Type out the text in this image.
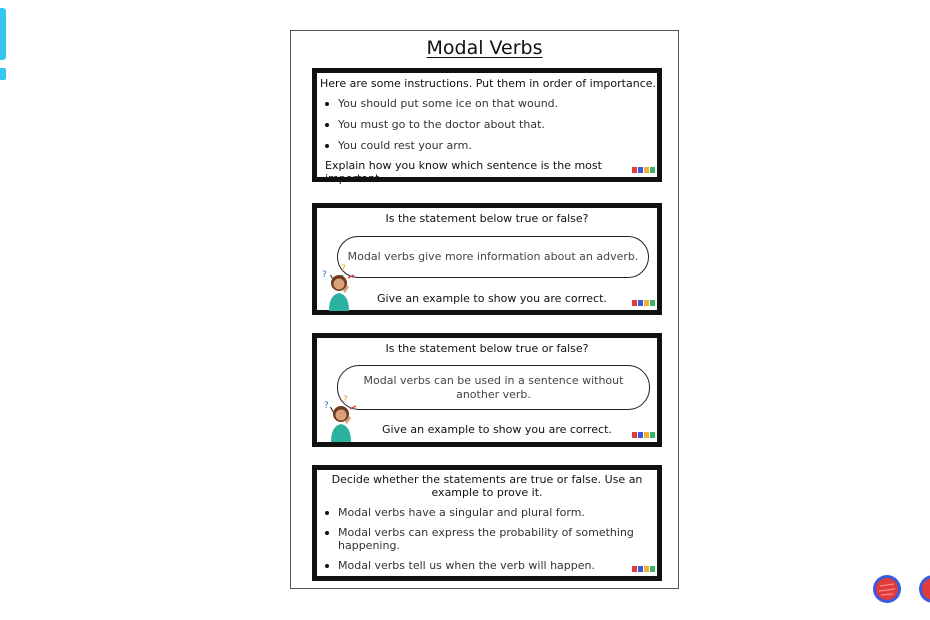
Modal Verbs
Here are some instructions. Put them in order of importance.
You should put some ice on that wound.
You must go to the doctor about that.
You could rest your arm.
Explain how you know which sentence is the most important.
Is the statement below true or false?
Modal verbs give more information about an adverb.
?
?
Give an example to show you are correct.
Is the statement below true or false?
Modal verbs can be used in a sentence without another verb.
?
?
Give an example to show you are correct.
Decide whether the statements are true or false. Use an example to prove it.
Modal verbs have a singular and plural form.
Modal verbs can express the probability of something happening.
Modal verbs tell us when the verb will happen.
